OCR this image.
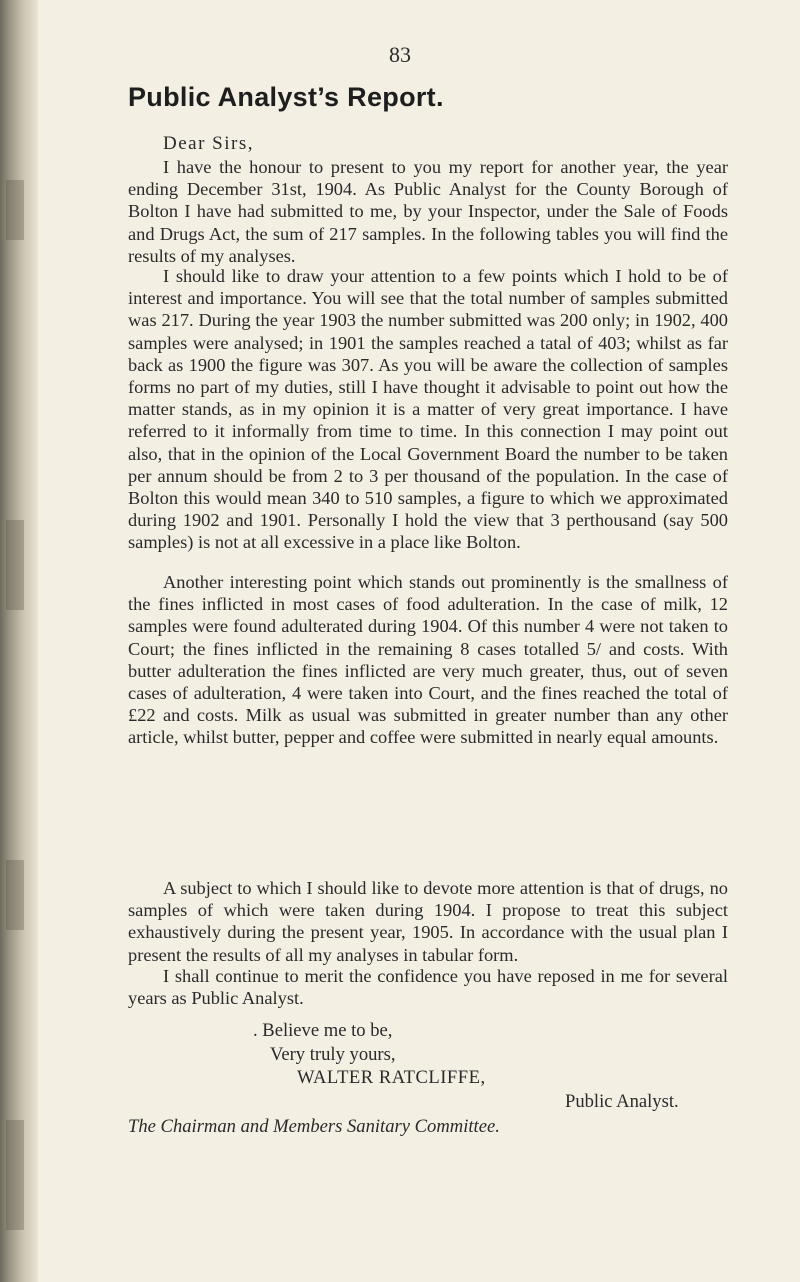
83
Public Analyst’s Report.
Dear Sirs,

I have the honour to present to you my report for another year, the year ending December 31st, 1904. As Public Analyst for the County Borough of Bolton I have had submitted to me, by your Inspector, under the Sale of Foods and Drugs Act, the sum of 217 samples. In the following tables you will find the results of my analyses.

I should like to draw your attention to a few points which I hold to be of interest and importance. You will see that the total number of samples submitted was 217. During the year 1903 the number submitted was 200 only; in 1902, 400 samples were analysed; in 1901 the samples reached a tatal of 403; whilst as far back as 1900 the figure was 307. As you will be aware the collection of samples forms no part of my duties, still I have thought it advisable to point out how the matter stands, as in my opinion it is a matter of very great importance. I have referred to it informally from time to time. In this connection I may point out also, that in the opinion of the Local Government Board the number to be taken per annum should be from 2 to 3 per thousand of the population. In the case of Bolton this would mean 340 to 510 samples, a figure to which we approximated during 1902 and 1901. Personally I hold the view that 3 perthousand (say 500 samples) is not at all excessive in a place like Bolton.

Another interesting point which stands out prominently is the smallness of the fines inflicted in most cases of food adulteration. In the case of milk, 12 samples were found adulterated during 1904. Of this number 4 were not taken to Court; the fines inflicted in the remaining 8 cases totalled 5/ and costs. With butter adulteration the fines inflicted are very much greater, thus, out of seven cases of adulteration, 4 were taken into Court, and the fines reached the total of £22 and costs. Milk as usual was submitted in greater number than any other article, whilst butter, pepper and coffee were submitted in nearly equal amounts.

A subject to which I should like to devote more attention is that of drugs, no samples of which were taken during 1904. I propose to treat this subject exhaustively during the present year, 1905. In accordance with the usual plan I present the results of all my analyses in tabular form.

I shall continue to merit the confidence you have reposed in me for several years as Public Analyst.

. Believe me to be,
Very truly yours,
WALTER RATCLIFFE,
Public Analyst.
The Chairman and Members Sanitary Committee.
